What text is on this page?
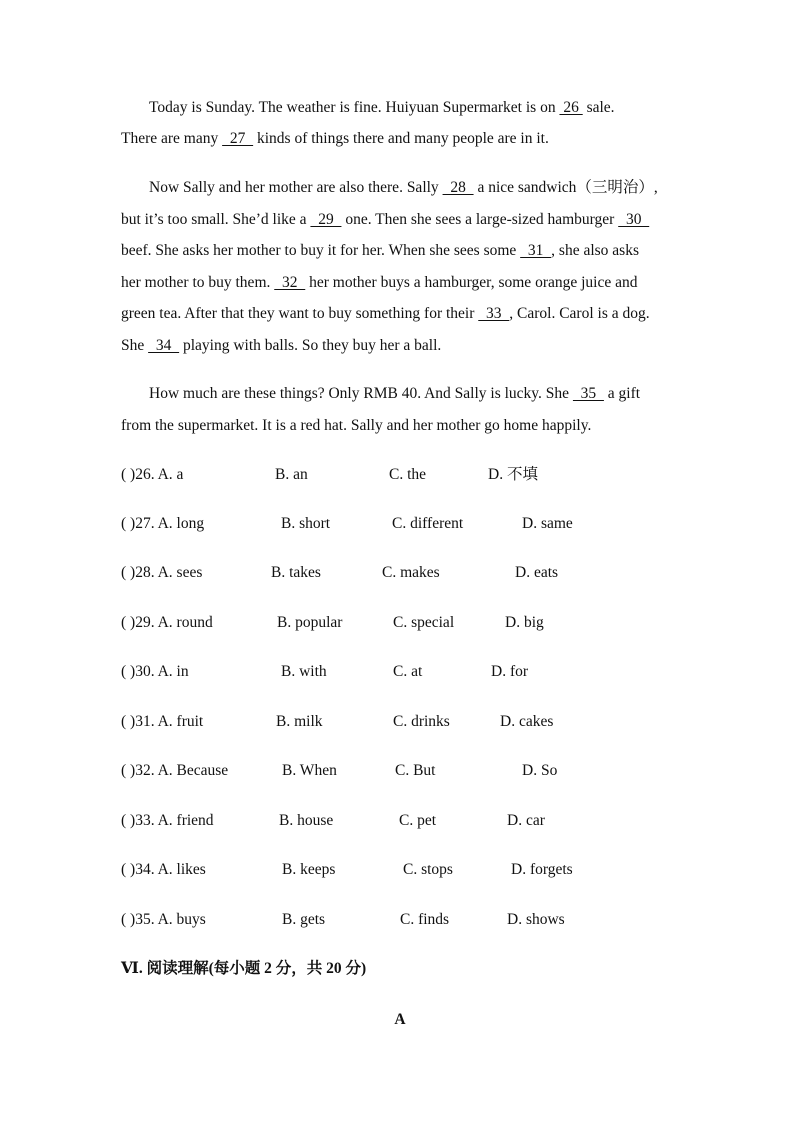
Today is Sunday. The weather is fine. Huiyuan Supermarket is on  26  sale.
There are many   27   kinds of things there and many people are in it.
Now Sally and her mother are also there. Sally   28   a nice sandwich（三明治）,
but it’s too small. She’d like a   29   one. Then she sees a large-sized hamburger   30
beef. She asks her mother to buy it for her. When she sees some   31  , she also asks
her mother to buy them.   32   her mother buys a hamburger, some orange juice and
green tea. After that they want to buy something for their   33  , Carol. Carol is a dog.
She   34   playing with balls. So they buy her a ball.
How much are these things? Only RMB 40. And Sally is lucky. She   35   a gift
from the supermarket. It is a red hat. Sally and her mother go home happily.
( )26. A. a	B. an	C. the	D. 不填
( )27. A. long	B. short	C. different	D. same
( )28. A. sees	B. takes	C. makes	D. eats
( )29. A. round	B. popular	C. special	D. big
( )30. A. in	B. with	C. at	D. for
( )31. A. fruit	B. milk	C. drinks	D. cakes
( )32. A. Because	B. When	C. But	D. So
( )33. A. friend	B. house	C. pet	D. car
( )34. A. likes	B. keeps	C. stops	D. forgets
( )35. A. buys	B. gets	C. finds	D. shows
Ⅵ. 阅读理解(每小题 2 分，共 20 分)
A
